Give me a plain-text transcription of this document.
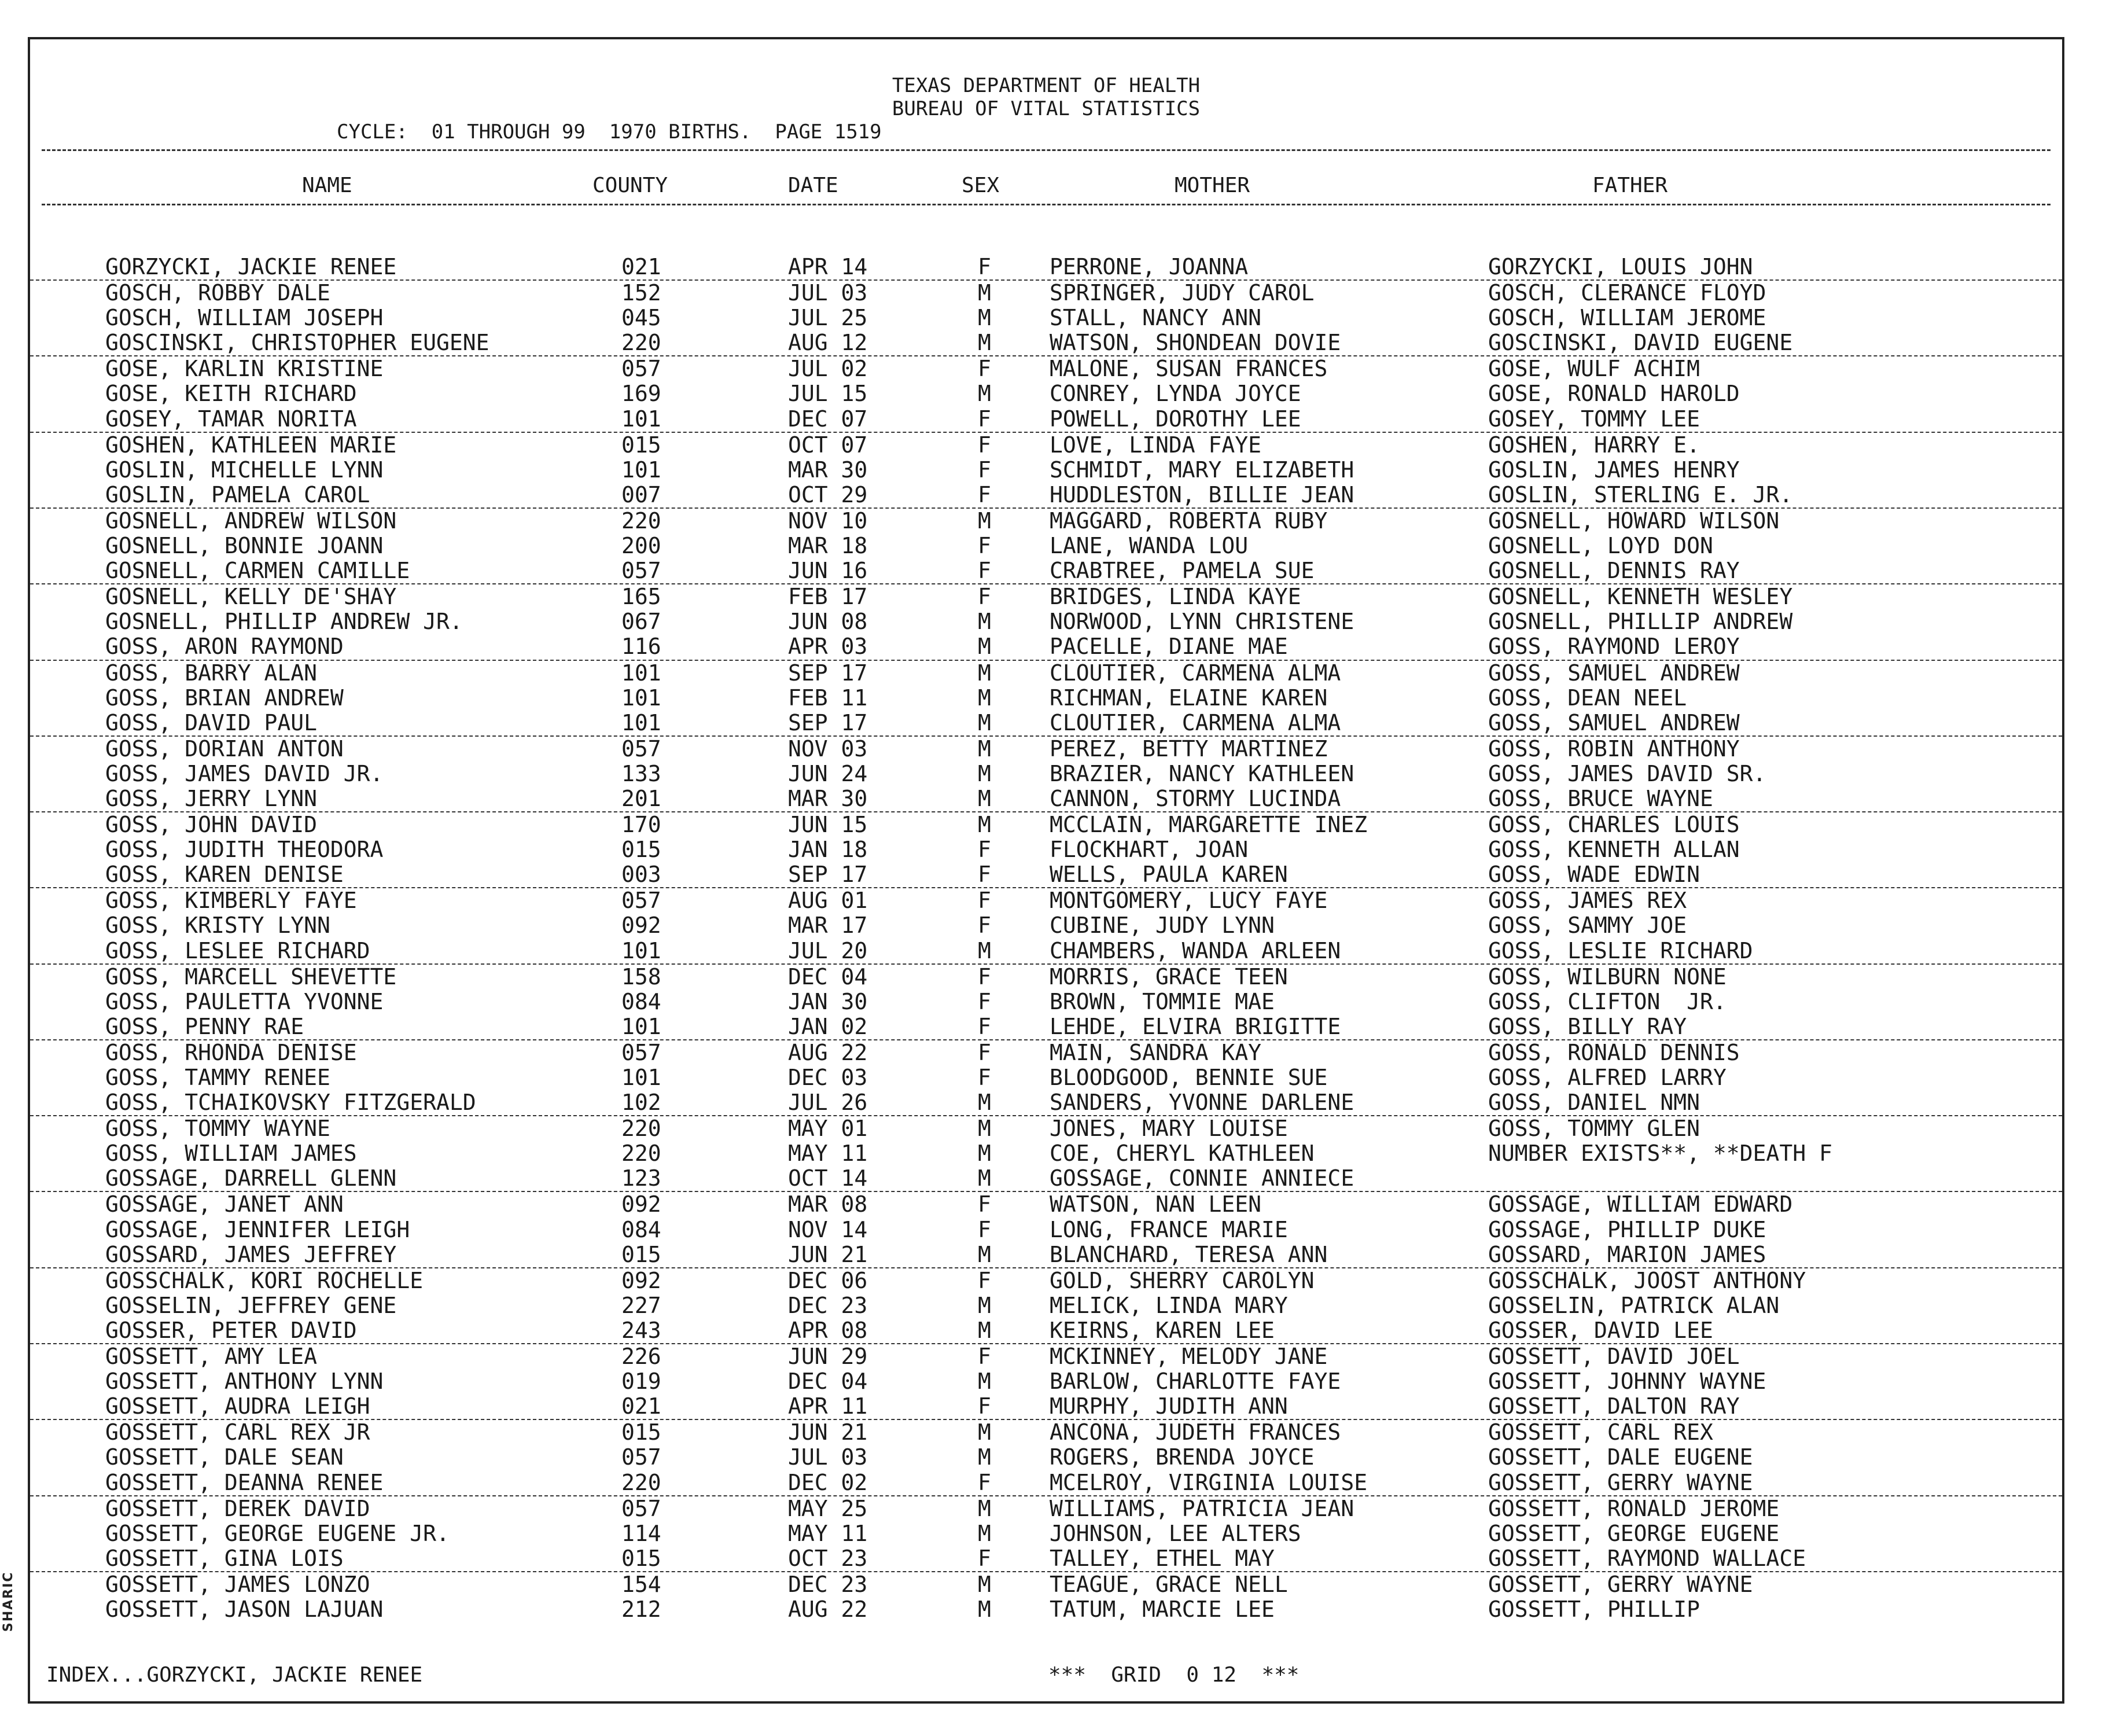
SHARIC
TEXAS DEPARTMENT OF HEALTH
BUREAU OF VITAL STATISTICS
CYCLE:  01 THROUGH 99  1970 BIRTHS.  PAGE 1519
NAME	COUNTY	DATE	SEX	MOTHER	FATHER
GORZYCKI, JACKIE RENEE	021	APR 14	F	PERRONE, JOANNA	GORZYCKI, LOUIS JOHN
GOSCH, ROBBY DALE	152	JUL 03	M	SPRINGER, JUDY CAROL	GOSCH, CLERANCE FLOYD
GOSCH, WILLIAM JOSEPH	045	JUL 25	M	STALL, NANCY ANN	GOSCH, WILLIAM JEROME
GOSCINSKI, CHRISTOPHER EUGENE	220	AUG 12	M	WATSON, SHONDEAN DOVIE	GOSCINSKI, DAVID EUGENE
GOSE, KARLIN KRISTINE	057	JUL 02	F	MALONE, SUSAN FRANCES	GOSE, WULF ACHIM
GOSE, KEITH RICHARD	169	JUL 15	M	CONREY, LYNDA JOYCE	GOSE, RONALD HAROLD
GOSEY, TAMAR NORITA	101	DEC 07	F	POWELL, DOROTHY LEE	GOSEY, TOMMY LEE
GOSHEN, KATHLEEN MARIE	015	OCT 07	F	LOVE, LINDA FAYE	GOSHEN, HARRY E.
GOSLIN, MICHELLE LYNN	101	MAR 30	F	SCHMIDT, MARY ELIZABETH	GOSLIN, JAMES HENRY
GOSLIN, PAMELA CAROL	007	OCT 29	F	HUDDLESTON, BILLIE JEAN	GOSLIN, STERLING E. JR.
GOSNELL, ANDREW WILSON	220	NOV 10	M	MAGGARD, ROBERTA RUBY	GOSNELL, HOWARD WILSON
GOSNELL, BONNIE JOANN	200	MAR 18	F	LANE, WANDA LOU	GOSNELL, LOYD DON
GOSNELL, CARMEN CAMILLE	057	JUN 16	F	CRABTREE, PAMELA SUE	GOSNELL, DENNIS RAY
GOSNELL, KELLY DE'SHAY	165	FEB 17	F	BRIDGES, LINDA KAYE	GOSNELL, KENNETH WESLEY
GOSNELL, PHILLIP ANDREW JR.	067	JUN 08	M	NORWOOD, LYNN CHRISTENE	GOSNELL, PHILLIP ANDREW
GOSS, ARON RAYMOND	116	APR 03	M	PACELLE, DIANE MAE	GOSS, RAYMOND LEROY
GOSS, BARRY ALAN	101	SEP 17	M	CLOUTIER, CARMENA ALMA	GOSS, SAMUEL ANDREW
GOSS, BRIAN ANDREW	101	FEB 11	M	RICHMAN, ELAINE KAREN	GOSS, DEAN NEEL
GOSS, DAVID PAUL	101	SEP 17	M	CLOUTIER, CARMENA ALMA	GOSS, SAMUEL ANDREW
GOSS, DORIAN ANTON	057	NOV 03	M	PEREZ, BETTY MARTINEZ	GOSS, ROBIN ANTHONY
GOSS, JAMES DAVID JR.	133	JUN 24	M	BRAZIER, NANCY KATHLEEN	GOSS, JAMES DAVID SR.
GOSS, JERRY LYNN	201	MAR 30	M	CANNON, STORMY LUCINDA	GOSS, BRUCE WAYNE
GOSS, JOHN DAVID	170	JUN 15	M	MCCLAIN, MARGARETTE INEZ	GOSS, CHARLES LOUIS
GOSS, JUDITH THEODORA	015	JAN 18	F	FLOCKHART, JOAN	GOSS, KENNETH ALLAN
GOSS, KAREN DENISE	003	SEP 17	F	WELLS, PAULA KAREN	GOSS, WADE EDWIN
GOSS, KIMBERLY FAYE	057	AUG 01	F	MONTGOMERY, LUCY FAYE	GOSS, JAMES REX
GOSS, KRISTY LYNN	092	MAR 17	F	CUBINE, JUDY LYNN	GOSS, SAMMY JOE
GOSS, LESLEE RICHARD	101	JUL 20	M	CHAMBERS, WANDA ARLEEN	GOSS, LESLIE RICHARD
GOSS, MARCELL SHEVETTE	158	DEC 04	F	MORRIS, GRACE TEEN	GOSS, WILBURN NONE
GOSS, PAULETTA YVONNE	084	JAN 30	F	BROWN, TOMMIE MAE	GOSS, CLIFTON  JR.
GOSS, PENNY RAE	101	JAN 02	F	LEHDE, ELVIRA BRIGITTE	GOSS, BILLY RAY
GOSS, RHONDA DENISE	057	AUG 22	F	MAIN, SANDRA KAY	GOSS, RONALD DENNIS
GOSS, TAMMY RENEE	101	DEC 03	F	BLOODGOOD, BENNIE SUE	GOSS, ALFRED LARRY
GOSS, TCHAIKOVSKY FITZGERALD	102	JUL 26	M	SANDERS, YVONNE DARLENE	GOSS, DANIEL NMN
GOSS, TOMMY WAYNE	220	MAY 01	M	JONES, MARY LOUISE	GOSS, TOMMY GLEN
GOSS, WILLIAM JAMES	220	MAY 11	M	COE, CHERYL KATHLEEN	NUMBER EXISTS**, **DEATH F
GOSSAGE, DARRELL GLENN	123	OCT 14	M	GOSSAGE, CONNIE ANNIECE
GOSSAGE, JANET ANN	092	MAR 08	F	WATSON, NAN LEEN	GOSSAGE, WILLIAM EDWARD
GOSSAGE, JENNIFER LEIGH	084	NOV 14	F	LONG, FRANCE MARIE	GOSSAGE, PHILLIP DUKE
GOSSARD, JAMES JEFFREY	015	JUN 21	M	BLANCHARD, TERESA ANN	GOSSARD, MARION JAMES
GOSSCHALK, KORI ROCHELLE	092	DEC 06	F	GOLD, SHERRY CAROLYN	GOSSCHALK, JOOST ANTHONY
GOSSELIN, JEFFREY GENE	227	DEC 23	M	MELICK, LINDA MARY	GOSSELIN, PATRICK ALAN
GOSSER, PETER DAVID	243	APR 08	M	KEIRNS, KAREN LEE	GOSSER, DAVID LEE
GOSSETT, AMY LEA	226	JUN 29	F	MCKINNEY, MELODY JANE	GOSSETT, DAVID JOEL
GOSSETT, ANTHONY LYNN	019	DEC 04	M	BARLOW, CHARLOTTE FAYE	GOSSETT, JOHNNY WAYNE
GOSSETT, AUDRA LEIGH	021	APR 11	F	MURPHY, JUDITH ANN	GOSSETT, DALTON RAY
GOSSETT, CARL REX JR	015	JUN 21	M	ANCONA, JUDETH FRANCES	GOSSETT, CARL REX
GOSSETT, DALE SEAN	057	JUL 03	M	ROGERS, BRENDA JOYCE	GOSSETT, DALE EUGENE
GOSSETT, DEANNA RENEE	220	DEC 02	F	MCELROY, VIRGINIA LOUISE	GOSSETT, GERRY WAYNE
GOSSETT, DEREK DAVID	057	MAY 25	M	WILLIAMS, PATRICIA JEAN	GOSSETT, RONALD JEROME
GOSSETT, GEORGE EUGENE JR.	114	MAY 11	M	JOHNSON, LEE ALTERS	GOSSETT, GEORGE EUGENE
GOSSETT, GINA LOIS	015	OCT 23	F	TALLEY, ETHEL MAY	GOSSETT, RAYMOND WALLACE
GOSSETT, JAMES LONZO	154	DEC 23	M	TEAGUE, GRACE NELL	GOSSETT, GERRY WAYNE
GOSSETT, JASON LAJUAN	212	AUG 22	M	TATUM, MARCIE LEE	GOSSETT, PHILLIP
INDEX...GORZYCKI, JACKIE RENEE	***  GRID  0 12  ***
